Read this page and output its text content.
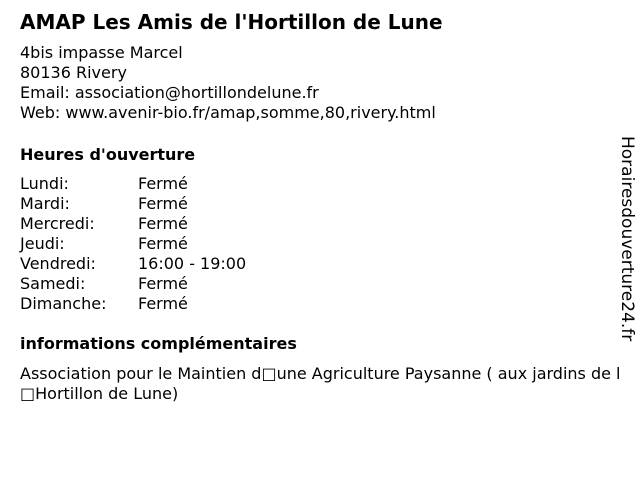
AMAP Les Amis de l'Hortillon de Lune
4bis impasse Marcel
80136 Rivery
Email: association@hortillondelune.fr
Web: www.avenir-bio.fr/amap,somme,80,rivery.html
Heures d'ouverture
Lundi:	Fermé
Mardi:	Fermé
Mercredi:	Fermé
Jeudi:	Fermé
Vendredi:	16:00 - 19:00
Samedi:	Fermé
Dimanche:	Fermé
informations complémentaires
Association pour le Maintien d□une Agriculture Paysanne ( aux jardins de l□Hortillon de Lune)
Horairesdouverture24.fr
